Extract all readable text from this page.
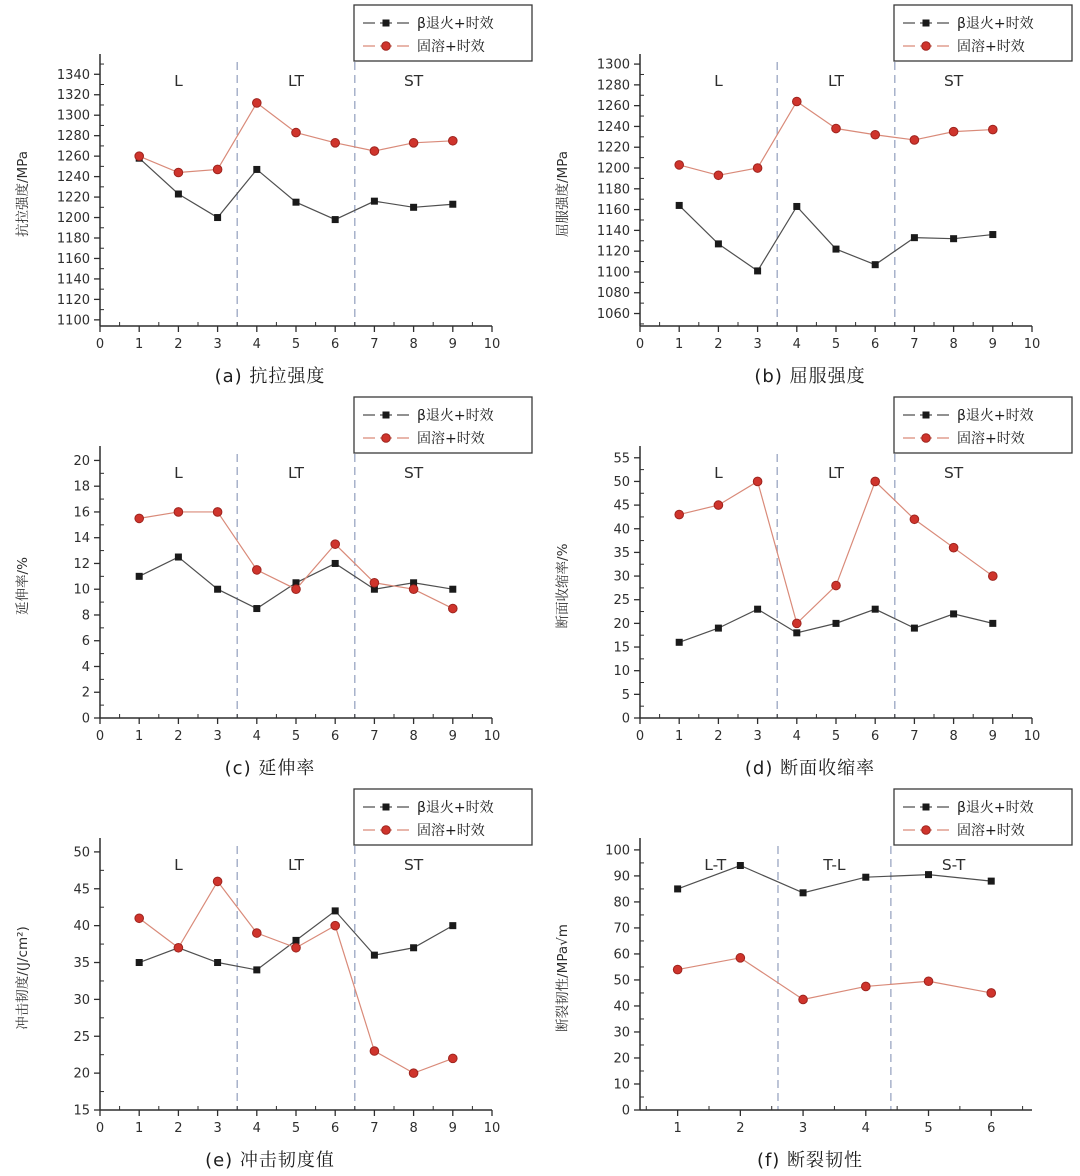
L	LT	ST
1100
1120
1140
1160
1180
1200
1220
1240
1260
1280
1300
1320
1340
0 1 2 3 4 5 6 7 8 9 10
抗拉强度/MPa
β退火+时效
固溶+时效
(a) 抗拉强度
L	LT	ST
1060
1080
1100
1120
1140
1160
1180
1200
1220
1240
1260
1280
1300
0 1 2 3 4 5 6 7 8 9 10
屈服强度/MPa
β退火+时效
固溶+时效
(b) 屈服强度
L	LT	ST
0
2
4
6
8
10
12
14
16
18
20
0 1 2 3 4 5 6 7 8 9 10
延伸率/%
β退火+时效
固溶+时效
(c) 延伸率
L	LT	ST
0
5
10
15
20
25
30
35
40
45
50
55
0 1 2 3 4 5 6 7 8 9 10
断面收缩率/%
β退火+时效
固溶+时效
(d) 断面收缩率
L	LT	ST
15
20
25
30
35
40
45
50
0 1 2 3 4 5 6 7 8 9 10
冲击韧度/(J/cm²)
β退火+时效
固溶+时效
(e) 冲击韧度值
L-T	T-L	S-T
0
10
20
30
40
50
60
70
80
90
100
1	2	3	4	5	6
断裂韧性/MPa√m
β退火+时效
固溶+时效
(f) 断裂韧性
